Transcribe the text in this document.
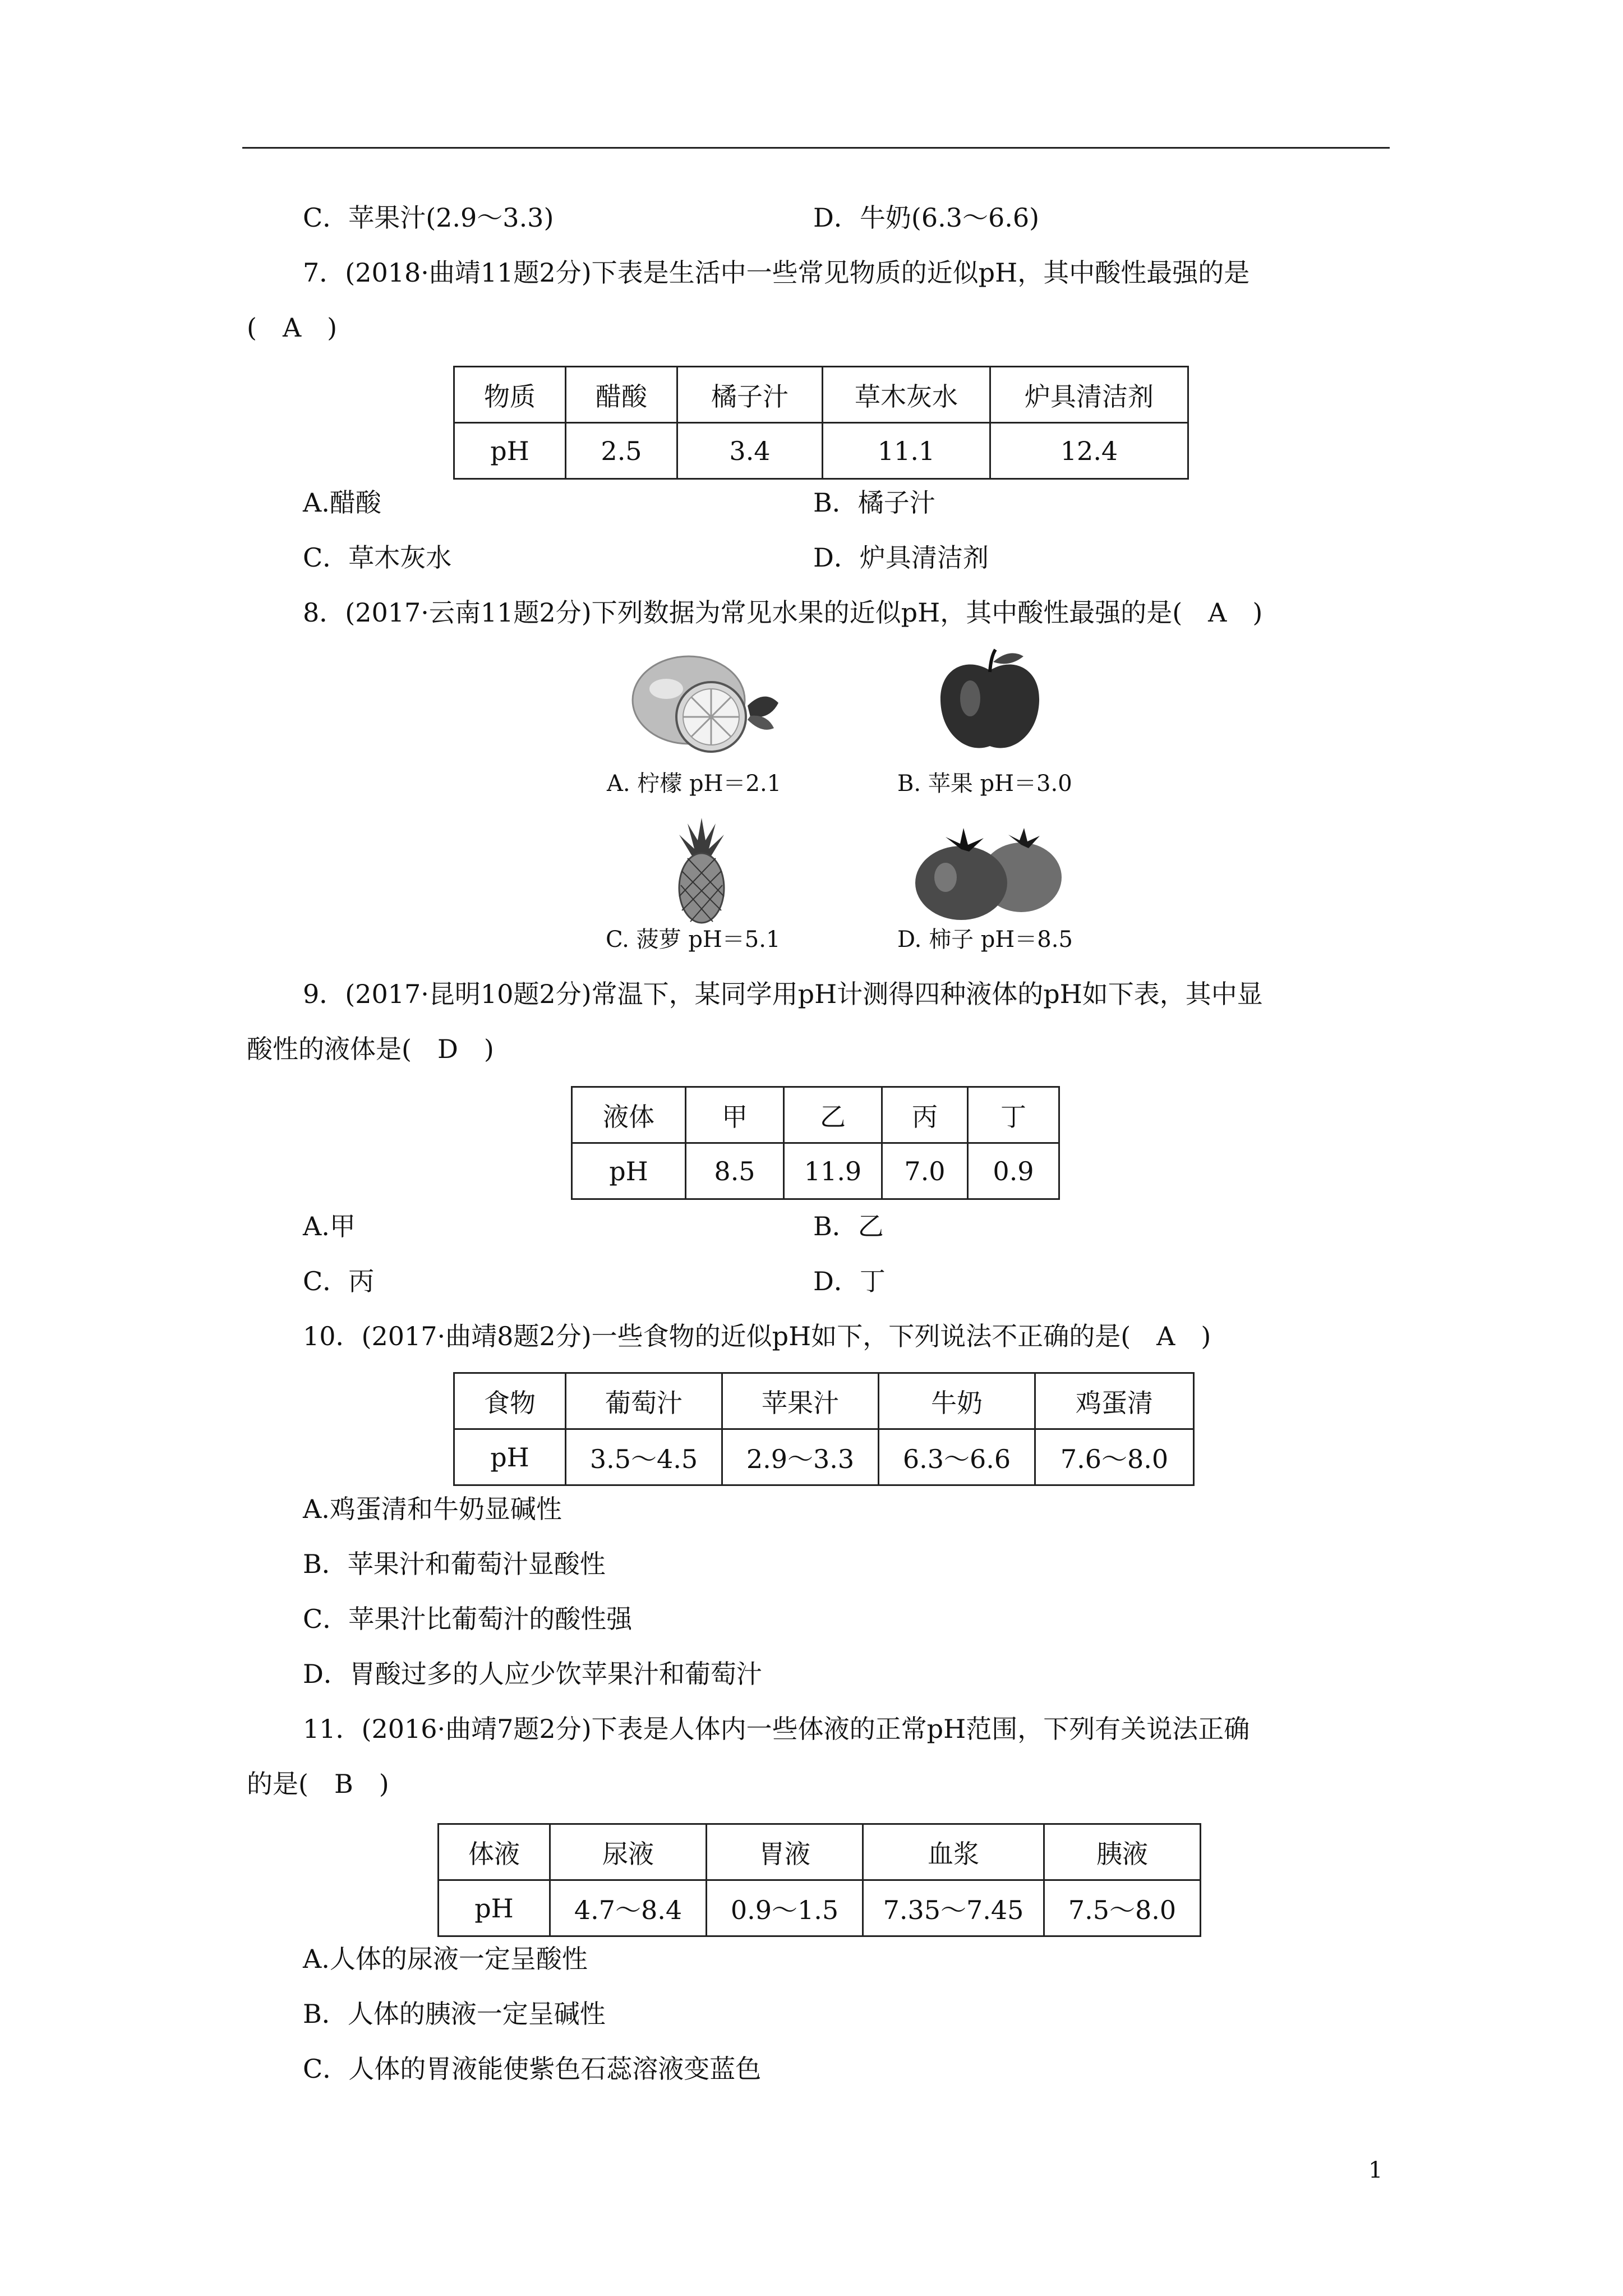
C．苹果汁(2.9～3.3)	D．牛奶(6.3～6.6)
7．(2018·曲靖11题2分)下表是生活中一些常见物质的近似pH，其中酸性最强的是
(　A　)
物质	醋酸	橘子汁	草木灰水	炉具清洁剂
pH	2.5	3.4	11.1	12.4
A.醋酸	B．橘子汁
C．草木灰水	D．炉具清洁剂
8．(2017·云南11题2分)下列数据为常见水果的近似pH，其中酸性最强的是(　A　)
A. 柠檬 pH＝2.1	B. 苹果 pH＝3.0
C. 菠萝 pH＝5.1	D. 柿子 pH＝8.5
9．(2017·昆明10题2分)常温下，某同学用pH计测得四种液体的pH如下表，其中显
酸性的液体是(　D　)
液体	甲	乙	丙	丁
pH	8.5	11.9	7.0	0.9
A.甲	B．乙
C．丙	D．丁
10．(2017·曲靖8题2分)一些食物的近似pH如下，下列说法不正确的是(　A　)
食物	葡萄汁	苹果汁	牛奶	鸡蛋清
pH	3.5～4.5	2.9～3.3	6.3～6.6	7.6～8.0
A.鸡蛋清和牛奶显碱性
B．苹果汁和葡萄汁显酸性
C．苹果汁比葡萄汁的酸性强
D．胃酸过多的人应少饮苹果汁和葡萄汁
11．(2016·曲靖7题2分)下表是人体内一些体液的正常pH范围，下列有关说法正确
的是(　B　)
体液	尿液	胃液	血浆	胰液
pH	4.7～8.4	0.9～1.5	7.35～7.45	7.5～8.0
A.人体的尿液一定呈酸性
B．人体的胰液一定呈碱性
C．人体的胃液能使紫色石蕊溶液变蓝色
1
